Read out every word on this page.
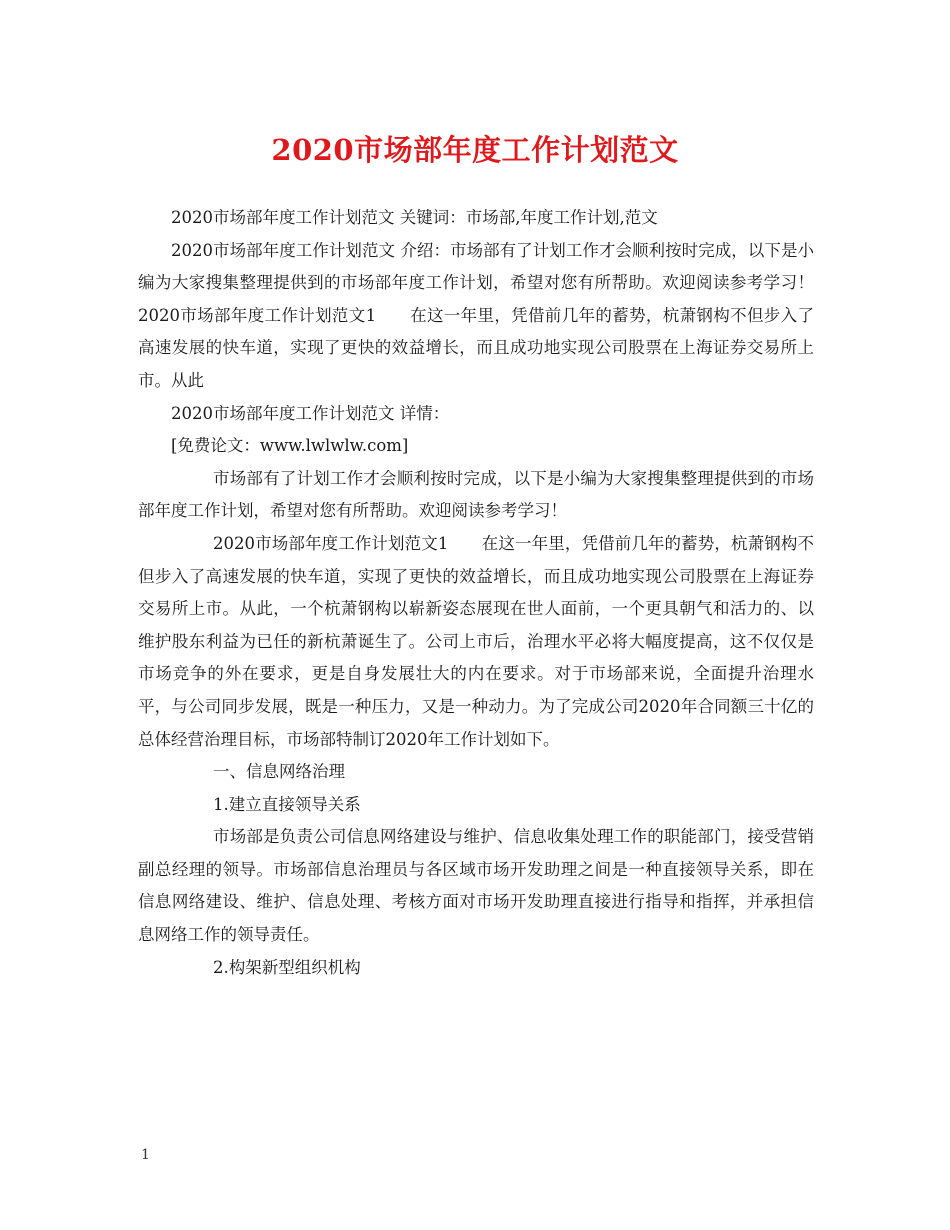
2020市场部年度工作计划范文

2020市场部年度工作计划范文 关键词：市场部,年度工作计划,范文

2020市场部年度工作计划范文 介绍：市场部有了计划工作才会顺利按时完成，以下是小编为大家搜集整理提供到的市场部年度工作计划，希望对您有所帮助。欢迎阅读参考学习！　　2020市场部年度工作计划范文1　　在这一年里，凭借前几年的蓄势，杭萧钢构不但步入了高速发展的快车道，实现了更快的效益增长，而且成功地实现公司股票在上海证券交易所上市。从此

2020市场部年度工作计划范文 详情：

[免费论文：www.lwlwlw.com]

市场部有了计划工作才会顺利按时完成，以下是小编为大家搜集整理提供到的市场部年度工作计划，希望对您有所帮助。欢迎阅读参考学习！

2020市场部年度工作计划范文1　　在这一年里，凭借前几年的蓄势，杭萧钢构不但步入了高速发展的快车道，实现了更快的效益增长，而且成功地实现公司股票在上海证券交易所上市。从此，一个杭萧钢构以崭新姿态展现在世人面前，一个更具朝气和活力的、以维护股东利益为已任的新杭萧诞生了。公司上市后，治理水平必将大幅度提高，这不仅仅是市场竞争的外在要求，更是自身发展壮大的内在要求。对于市场部来说，全面提升治理水平，与公司同步发展，既是一种压力，又是一种动力。为了完成公司2020年合同额三十亿的总体经营治理目标，市场部特制订2020年工作计划如下。

一、信息网络治理

1.建立直接领导关系

市场部是负责公司信息网络建设与维护、信息收集处理工作的职能部门，接受营销副总经理的领导。市场部信息治理员与各区域市场开发助理之间是一种直接领导关系，即在信息网络建设、维护、信息处理、考核方面对市场开发助理直接进行指导和指挥，并承担信息网络工作的领导责任。

2.构架新型组织机构

1
